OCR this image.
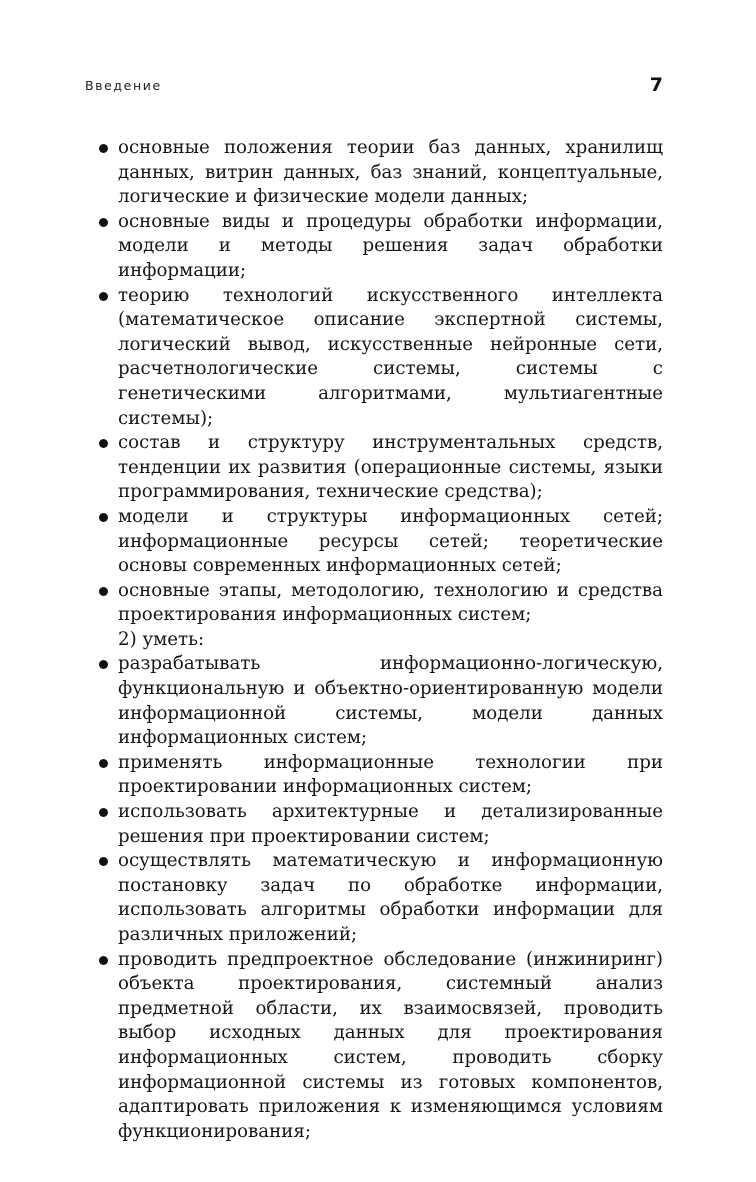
Введение	7
основные положения теории баз данных, хранилищ данных, витрин данных, баз знаний, концептуальные, логические и физические модели данных;
основные виды и процедуры обработки информации, модели и методы решения задач обработки информации;
теорию технологий искусственного интеллекта (математическое описание экспертной системы, логический вывод, искусственные нейронные сети, расчетнологические системы, системы с генетическими алгоритмами, мультиагентные системы);
состав и структуру инструментальных средств, тенденции их развития (операционные системы, языки программирования, технические средства);
модели и структуры информационных сетей; информационные ресурсы сетей; теоретические основы современных информационных сетей;
основные этапы, методологию, технологию и средства проектирования информационных систем;
2) уметь:
разрабатывать информационно-логическую, функциональную и объектно-ориентированную модели информационной системы, модели данных информационных систем;
применять информационные технологии при проектировании информационных систем;
использовать архитектурные и детализированные решения при проектировании систем;
осуществлять математическую и информационную постановку задач по обработке информации, использовать алгоритмы обработки информации для различных приложений;
проводить предпроектное обследование (инжиниринг) объекта проектирования, системный анализ предметной области, их взаимосвязей, проводить выбор исходных данных для проектирования информационных систем, проводить сборку информационной системы из готовых компонентов, адаптировать приложения к изменяющимся условиям функционирования;
